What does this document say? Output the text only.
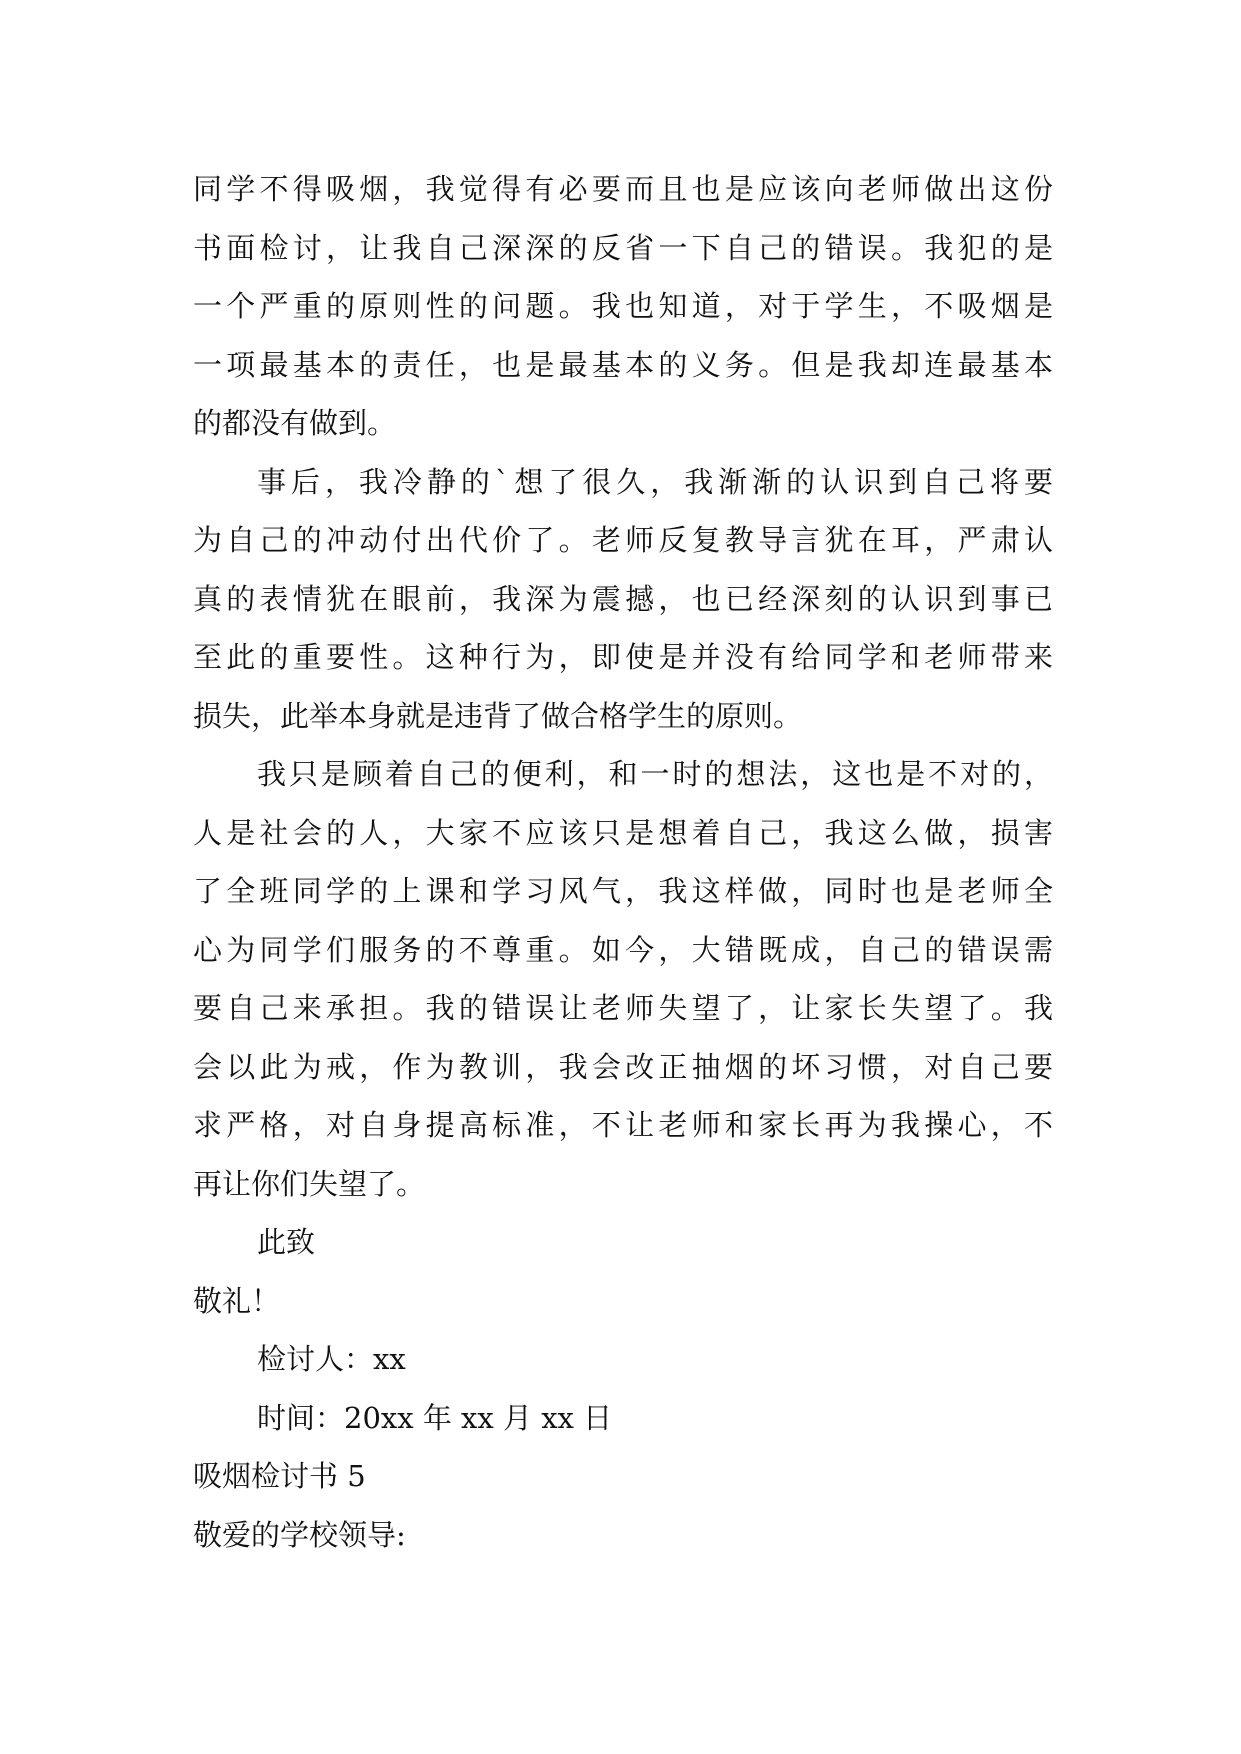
同学不得吸烟，我觉得有必要而且也是应该向老师做出这份
书面检讨，让我自己深深的反省一下自己的错误。我犯的是
一个严重的原则性的问题。我也知道，对于学生，不吸烟是
一项最基本的责任，也是最基本的义务。但是我却连最基本
的都没有做到。
事后，我冷静的`想了很久，我渐渐的认识到自己将要
为自己的冲动付出代价了。老师反复教导言犹在耳，严肃认
真的表情犹在眼前，我深为震撼，也已经深刻的认识到事已
至此的重要性。这种行为，即使是并没有给同学和老师带来
损失，此举本身就是违背了做合格学生的原则。
我只是顾着自己的便利，和一时的想法，这也是不对的，
人是社会的人，大家不应该只是想着自己，我这么做，损害
了全班同学的上课和学习风气，我这样做，同时也是老师全
心为同学们服务的不尊重。如今，大错既成，自己的错误需
要自己来承担。我的错误让老师失望了，让家长失望了。我
会以此为戒，作为教训，我会改正抽烟的坏习惯，对自己要
求严格，对自身提高标准，不让老师和家长再为我操心，不
再让你们失望了。
此致
敬礼！
检讨人：xx
时间：20xx 年 xx 月 xx 日
吸烟检讨书 5
敬爱的学校领导:
